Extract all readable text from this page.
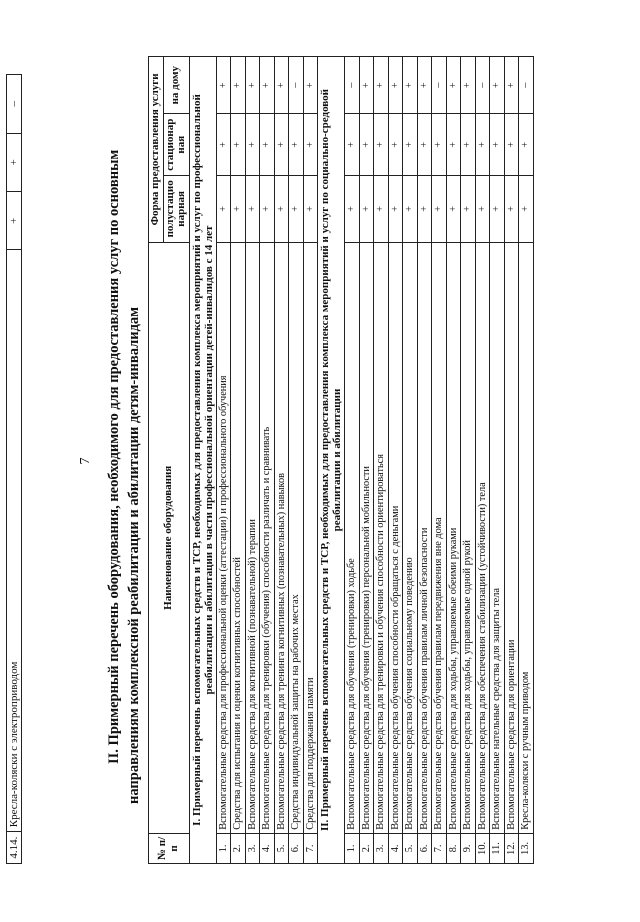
4.14.	Кресла-коляски с электроприводом	+	+	–
7 II. Примерный перечень оборудования, необходимого для предоставления услуг по основным направлениям комплексной реабилитации и абилитации детям-инвалидам
№ п/п	Наименование оборудования	Форма предоставления услуги		
		полустацио нарная	стационар ная	на дому
I. Примерный перечень вспомогательных средств и ТСР, необходимых для предоставления комплекса мероприятий и услуг по профессиональной реабилитации и абилитации в части профессиональной ориентации детей-инвалидов с 14 лет				
1.	Вспомогательные средства для профессиональной оценки (аттестации) и профессионального обучения	+	+	+
2.	Средства для испытания и оценки когнитивных способностей	+	+	+
3.	Вспомогательные средства для когнитивной (познавательной) терапии	+	+	+
4.	Вспомогательные средства для тренировки (обучения) способности различать и сравнивать	+	+	+
5.	Вспомогательные средства для тренинга когнитивных (познавательных) навыков	+	+	+
6.	Средства индивидуальной защиты на рабочих местах	+	+	–
7.	Средства для поддержания памяти	+	+	+
II. Примерный перечень вспомогательных средств и ТСР, необходимых для предоставления комплекса мероприятий и услуг по социально-средовой реабилитации и абилитации				
1.	Вспомогательные средства для обучения (тренировки) ходьбе	+	+	–
2.	Вспомогательные средства для обучения (тренировки) персональной мобильности	+	+	+
3.	Вспомогательные средства для тренировки и обучения способности ориентироваться	+	+	+
4.	Вспомогательные средства обучения способности обращаться с деньгами	+	+	+
5.	Вспомогательные средства обучения социальному поведению	+	+	+
6.	Вспомогательные средства обучения правилам личной безопасности	+	+	+
7.	Вспомогательные средства обучения правилам передвижения вне дома	+	+	–
8.	Вспомогательные средства для ходьбы, управляемые обеими руками	+	+	+
9.	Вспомогательные средства для ходьбы, управляемые одной рукой	+	+	+
10.	Вспомогательные средства для обеспечения стабилизации (устойчивости) тела	+	+	–
11.	Вспомогательные нательные средства для защиты тела	+	+	+
12.	Вспомогательные средства для ориентации	+	+	+
13.	Кресла-коляски с ручным приводом	+	+	–
